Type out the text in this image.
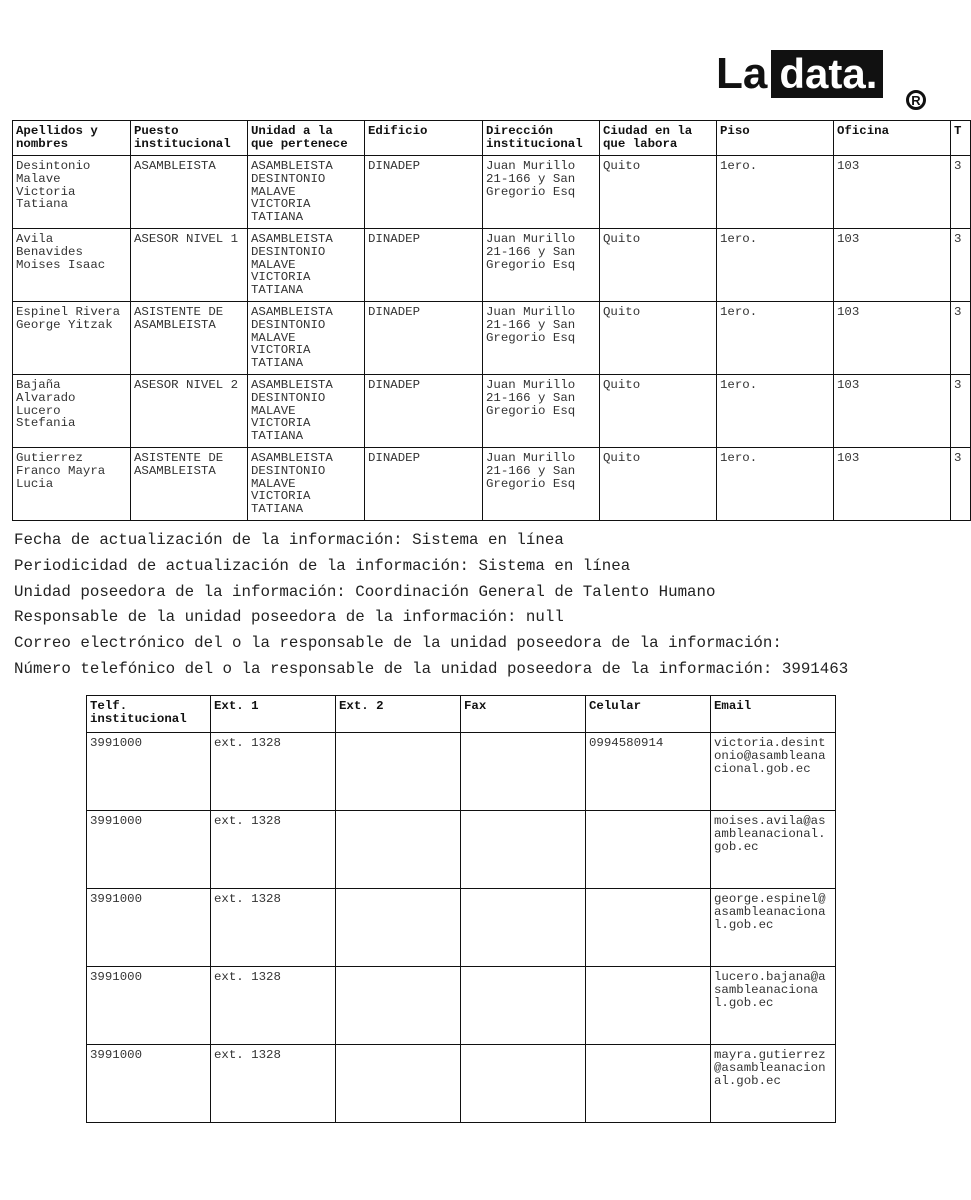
La data.
R
Apellidos y nombres	Puesto institucional	Unidad a la que pertenece	Edificio	Dirección institucional	Ciudad en la que labora	Piso	Oficina	T
Desintonio Malave Victoria Tatiana	ASAMBLEISTA	ASAMBLEISTA DESINTONIO MALAVE VICTORIA TATIANA	DINADEP	Juan Murillo 21-166 y San Gregorio Esq	Quito	1ero.	103	3
Avila Benavides Moises Isaac	ASESOR NIVEL 1	ASAMBLEISTA DESINTONIO MALAVE VICTORIA TATIANA	DINADEP	Juan Murillo 21-166 y San Gregorio Esq	Quito	1ero.	103	3
Espinel Rivera George Yitzak	ASISTENTE DE ASAMBLEISTA	ASAMBLEISTA DESINTONIO MALAVE VICTORIA TATIANA	DINADEP	Juan Murillo 21-166 y San Gregorio Esq	Quito	1ero.	103	3
Bajaña Alvarado Lucero Stefania	ASESOR NIVEL 2	ASAMBLEISTA DESINTONIO MALAVE VICTORIA TATIANA	DINADEP	Juan Murillo 21-166 y San Gregorio Esq	Quito	1ero.	103	3
Gutierrez Franco Mayra Lucia	ASISTENTE DE ASAMBLEISTA	ASAMBLEISTA DESINTONIO MALAVE VICTORIA TATIANA	DINADEP	Juan Murillo 21-166 y San Gregorio Esq	Quito	1ero.	103	3
Fecha de actualización de la información: Sistema en línea
Periodicidad de actualización de la información: Sistema en línea
Unidad poseedora de la información: Coordinación General de Talento Humano
Responsable de la unidad poseedora de la información: null
Correo electrónico del o la responsable de la unidad poseedora de la información:
Número telefónico del o la responsable de la unidad poseedora de la información: 3991463
Telf. institucional	Ext. 1	Ext. 2	Fax	Celular	Email
3991000	ext. 1328			0994580914	victoria.desintonio@asambleanacional.gob.ec
3991000	ext. 1328				moises.avila@asambleanacional.gob.ec
3991000	ext. 1328				george.espinel@asambleanacional.gob.ec
3991000	ext. 1328				lucero.bajana@asambleanacional.gob.ec
3991000	ext. 1328				mayra.gutierrez@asambleanacional.gob.ec
